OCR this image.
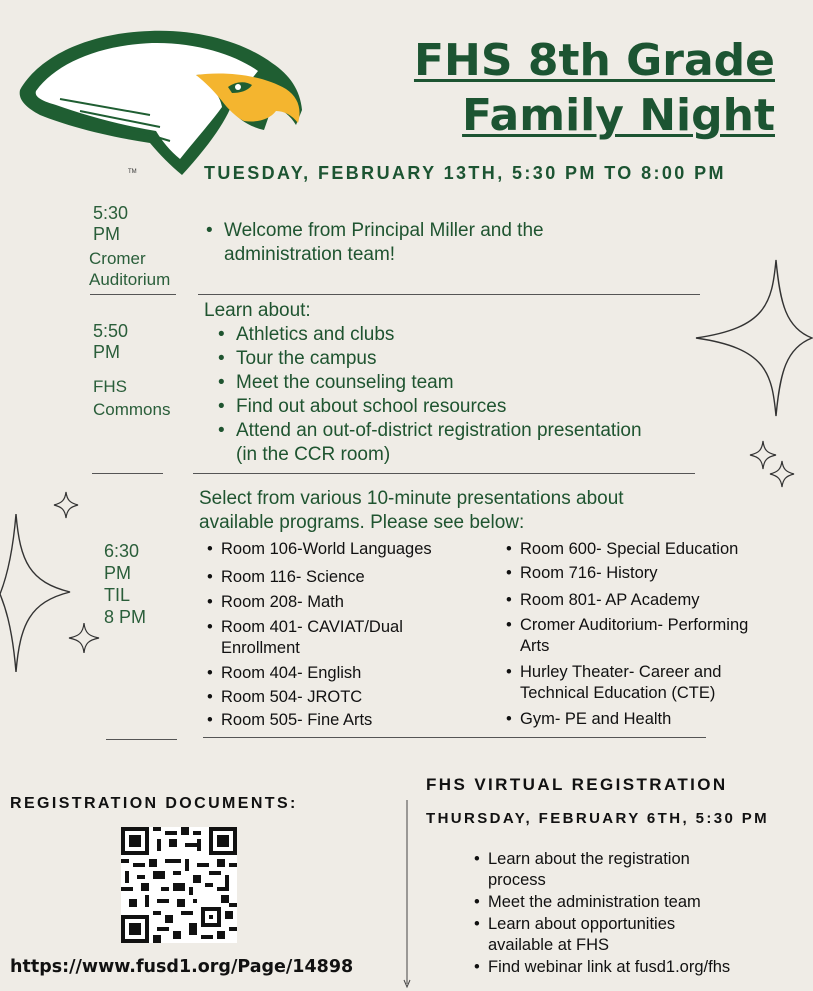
TM
FHS 8th Grade
Family Night
TUESDAY, FEBRUARY 13TH, 5:30 PM TO 8:00 PM
5:30
PM
Cromer
Auditorium
• Welcome from Principal Miller and the
administration team!
5:50
PM
FHS
Commons
Learn about:
• Athletics and clubs
• Tour the campus
• Meet the counseling team
• Find out about school resources
• Attend an out-of-district registration presentation
(in the CCR room)
6:30
PM
TIL
8 PM
Select from various 10-minute presentations about
available programs. Please see below:
• Room 106-World Languages
• Room 116- Science
• Room 208- Math
• Room 401- CAVIAT/Dual
Enrollment
• Room 404- English
• Room 504- JROTC
• Room 505- Fine Arts
• Room 600- Special Education
• Room 716- History
• Room 801- AP Academy
• Cromer Auditorium- Performing
Arts
• Hurley Theater- Career and
Technical Education (CTE)
• Gym- PE and Health
REGISTRATION DOCUMENTS:
https://www.fusd1.org/Page/14898
FHS VIRTUAL REGISTRATION
THURSDAY, FEBRUARY 6TH, 5:30 PM
• Learn about the registration
process
• Meet the administration team
• Learn about opportunities
available at FHS
• Find webinar link at fusd1.org/fhs
